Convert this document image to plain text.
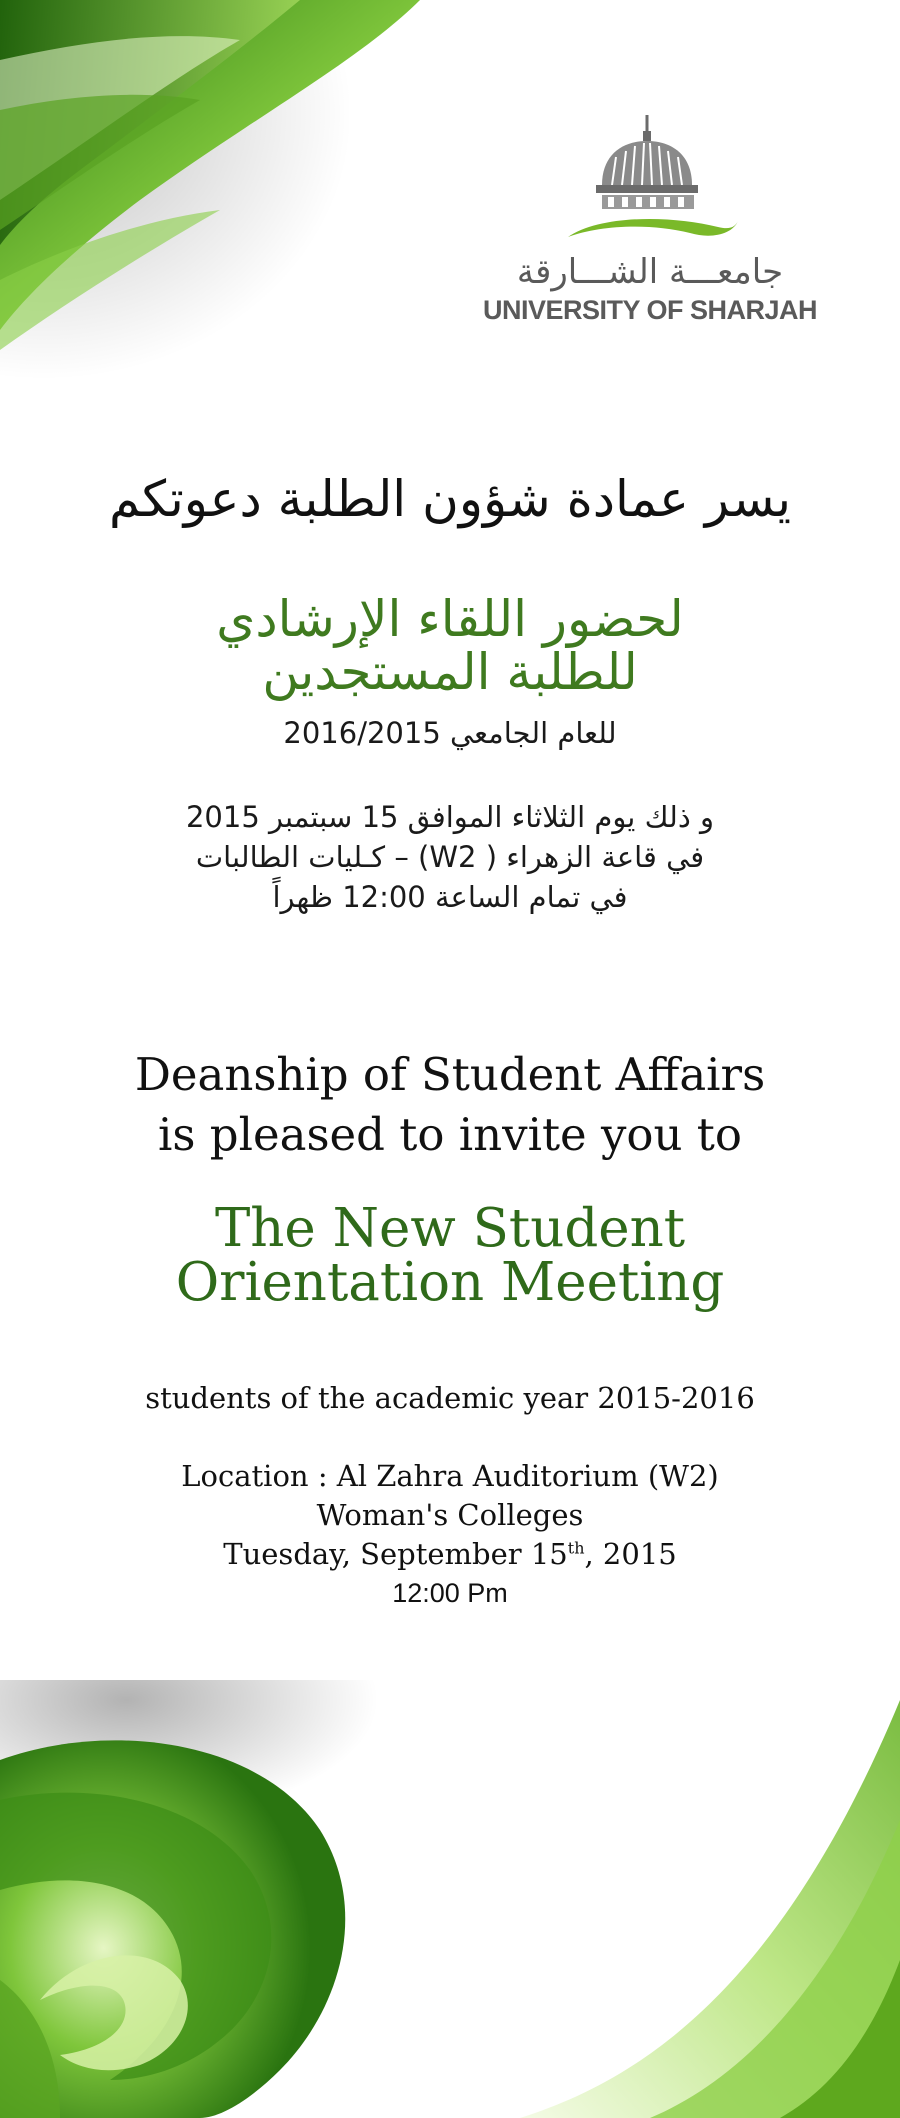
جامعـــة الشـــارقة
UNIVERSITY OF SHARJAH
يسر عمادة شؤون الطلبة دعوتكم
لحضور اللقاء الإرشادي
للطلبة المستجدين
للعام الجامعي 2016/2015
و ذلك يوم الثلاثاء الموافق 15 سبتمبر 2015
في قاعة الزهراء ( W2) – كـليات الطالبات
في تمام الساعة 12:00 ظهراً
Deanship of Student Affairs
is pleased to invite you to
The New Student
Orientation Meeting
students of the academic year 2015-2016
Location : Al Zahra Auditorium (W2)
Woman's Colleges
Tuesday, September 15th, 2015
12:00 Pm
